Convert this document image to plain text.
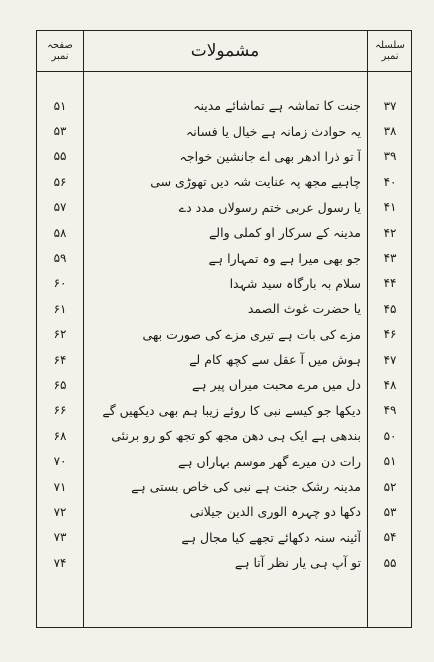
صفحہ نمبر	مشمولات	سلسلہ نمبر
۵۱	جنت کا تماشہ ہے تماشائے مدینہ	۳۷
۵۳	یہ حوادث زمانہ ہے خیال یا فسانہ	۳۸
۵۵	آ تو ذرا ادھر بھی اے جانشین خواجہ	۳۹
۵۶	چاہیے مجھ پہ عنایت شہ دیں تھوڑی سی	۴۰
۵۷	یا رسول عربی ختم رسولاں مدد دے	۴۱
۵۸	مدینہ کے سرکار او کملی والے	۴۲
۵۹	جو بھی میرا ہے وہ تمہارا ہے	۴۳
۶۰	سلام بہ بارگاہ سید شہدا	۴۴
۶۱	یا حضرت غوث الصمد	۴۵
۶۲	مزے کی بات ہے تیری مزے کی صورت بھی	۴۶
۶۴	ہوش میں آ عقل سے کچھ کام لے	۴۷
۶۵	دل میں مرے محبت میراں پیر ہے	۴۸
۶۶	دیکھا جو کیسے نبی کا روئے زیبا ہم بھی دیکھیں گے	۴۹
۶۸	بندھی ہے ایک ہی دھن مجھ کو تجھ کو رو برنئی	۵۰
۷۰	رات دن میرے گھر موسم بہاراں ہے	۵۱
۷۱	مدینہ رشک جنت ہے نبی کی خاص بستی ہے	۵۲
۷۲	دکھا دو چہرہ الوری الدین جیلانی	۵۳
۷۳	آئینہ سنہ دکھائے تجھے کیا مجال ہے	۵۴
۷۴	تو آپ ہی یار نظر آتا ہے	۵۵
